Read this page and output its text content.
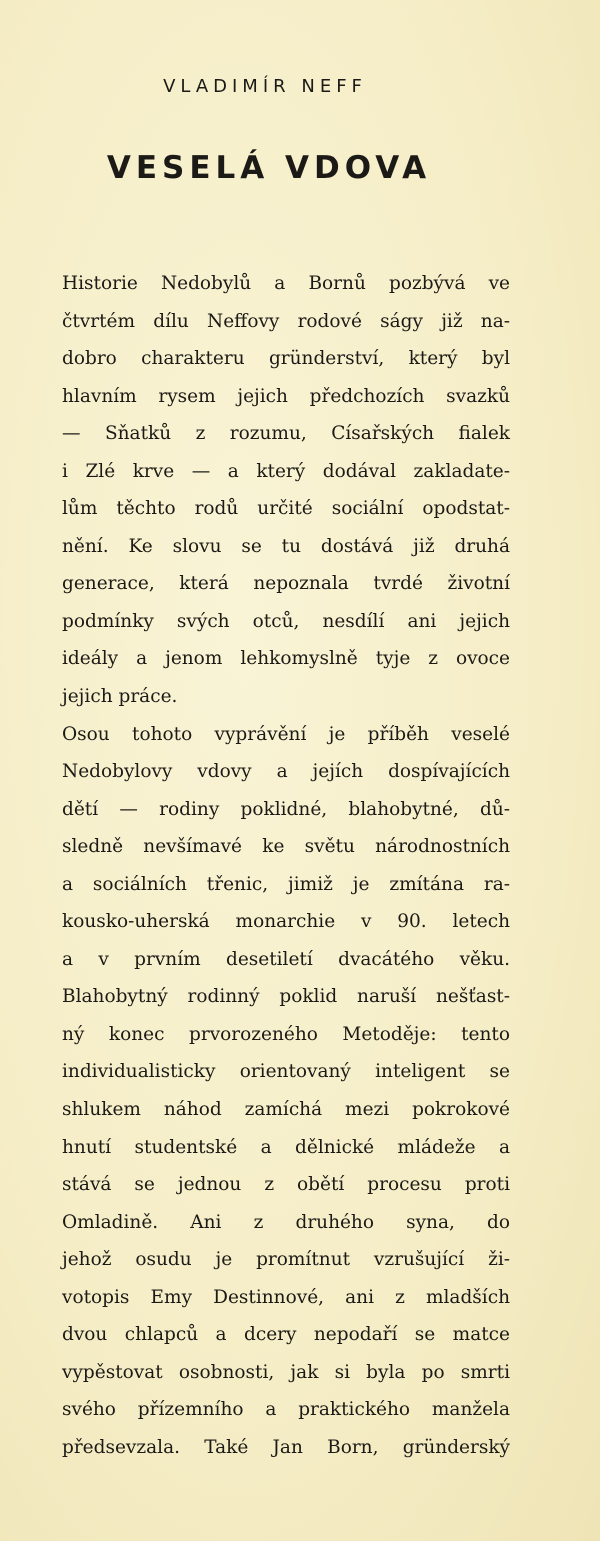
VLADIMÍR NEFF
VESELÁ VDOVA
Historie Nedobylů a Bornů pozbývá ve
čtvrtém dílu Neffovy rodové ságy již na-
dobro charakteru gründerství, který byl
hlavním rysem jejich předchozích svazků
— Sňatků z rozumu, Císařských fialek
i Zlé krve — a který dodával zakladate-
lům těchto rodů určité sociální opodstat-
nění. Ke slovu se tu dostává již druhá
generace, která nepoznala tvrdé životní
podmínky svých otců, nesdílí ani jejich
ideály a jenom lehkomyslně tyje z ovoce
jejich práce.
Osou tohoto vyprávění je příběh veselé
Nedobylovy vdovy a jejích dospívajících
dětí — rodiny poklidné, blahobytné, dů-
sledně nevšímavé ke světu národnostních
a sociálních třenic, jimiž je zmítána ra-
kousko-uherská monarchie v 90. letech
a v prvním desetiletí dvacátého věku.
Blahobytný rodinný poklid naruší nešťast-
ný konec prvorozeného Metoděje: tento
individualisticky orientovaný inteligent se
shlukem náhod zamíchá mezi pokrokové
hnutí studentské a dělnické mládeže a
stává se jednou z obětí procesu proti
Omladině. Ani z druhého syna, do
jehož osudu je promítnut vzrušující ži-
votopis Emy Destinnové, ani z mladších
dvou chlapců a dcery nepodaří se matce
vypěstovat osobnosti, jak si byla po smrti
svého přízemního a praktického manžela
předsevzala. Také Jan Born, gründerský
